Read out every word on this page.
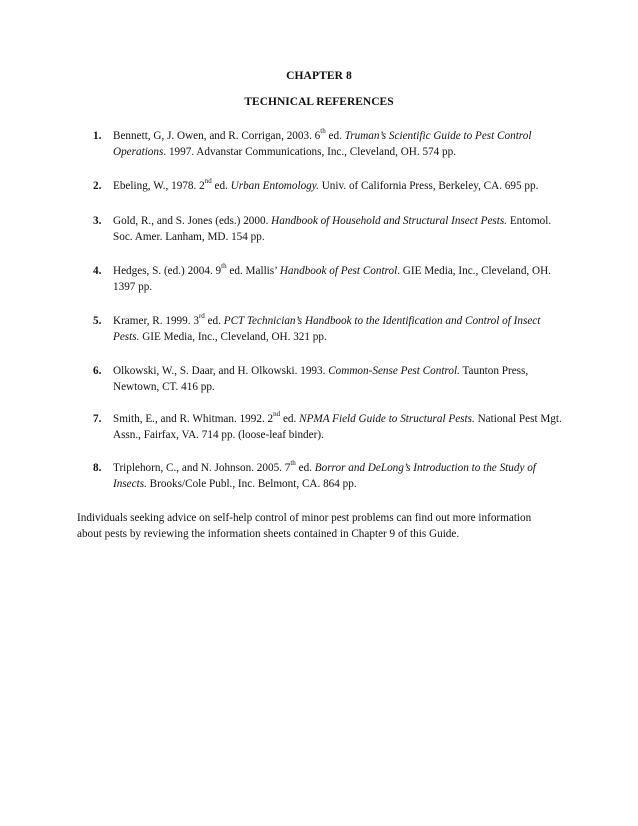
CHAPTER 8
TECHNICAL REFERENCES
1.	Bennett, G, J. Owen, and R. Corrigan, 2003. 6th ed. Truman’s Scientific Guide to Pest Control Operations. 1997. Advanstar Communications, Inc., Cleveland, OH. 574 pp.
2.	Ebeling, W., 1978. 2nd ed. Urban Entomology. Univ. of California Press, Berkeley, CA. 695 pp.
3.	Gold, R., and S. Jones (eds.) 2000. Handbook of Household and Structural Insect Pests. Entomol. Soc. Amer. Lanham, MD. 154 pp.
4.	Hedges, S. (ed.) 2004. 9th ed. Mallis’ Handbook of Pest Control. GIE Media, Inc., Cleveland, OH. 1397 pp.
5.	Kramer, R. 1999. 3rd ed. PCT Technician’s Handbook to the Identification and Control of Insect Pests. GIE Media, Inc., Cleveland, OH. 321 pp.
6.	Olkowski, W., S. Daar, and H. Olkowski. 1993. Common-Sense Pest Control. Taunton Press, Newtown, CT. 416 pp.
7.	Smith, E., and R. Whitman. 1992. 2nd ed. NPMA Field Guide to Structural Pests. National Pest Mgt. Assn., Fairfax, VA. 714 pp. (loose-leaf binder).
8.	Triplehorn, C., and N. Johnson. 2005. 7th ed. Borror and DeLong’s Introduction to the Study of Insects. Brooks/Cole Publ., Inc. Belmont, CA. 864 pp.
Individuals seeking advice on self-help control of minor pest problems can find out more information about pests by reviewing the information sheets contained in Chapter 9 of this Guide.
